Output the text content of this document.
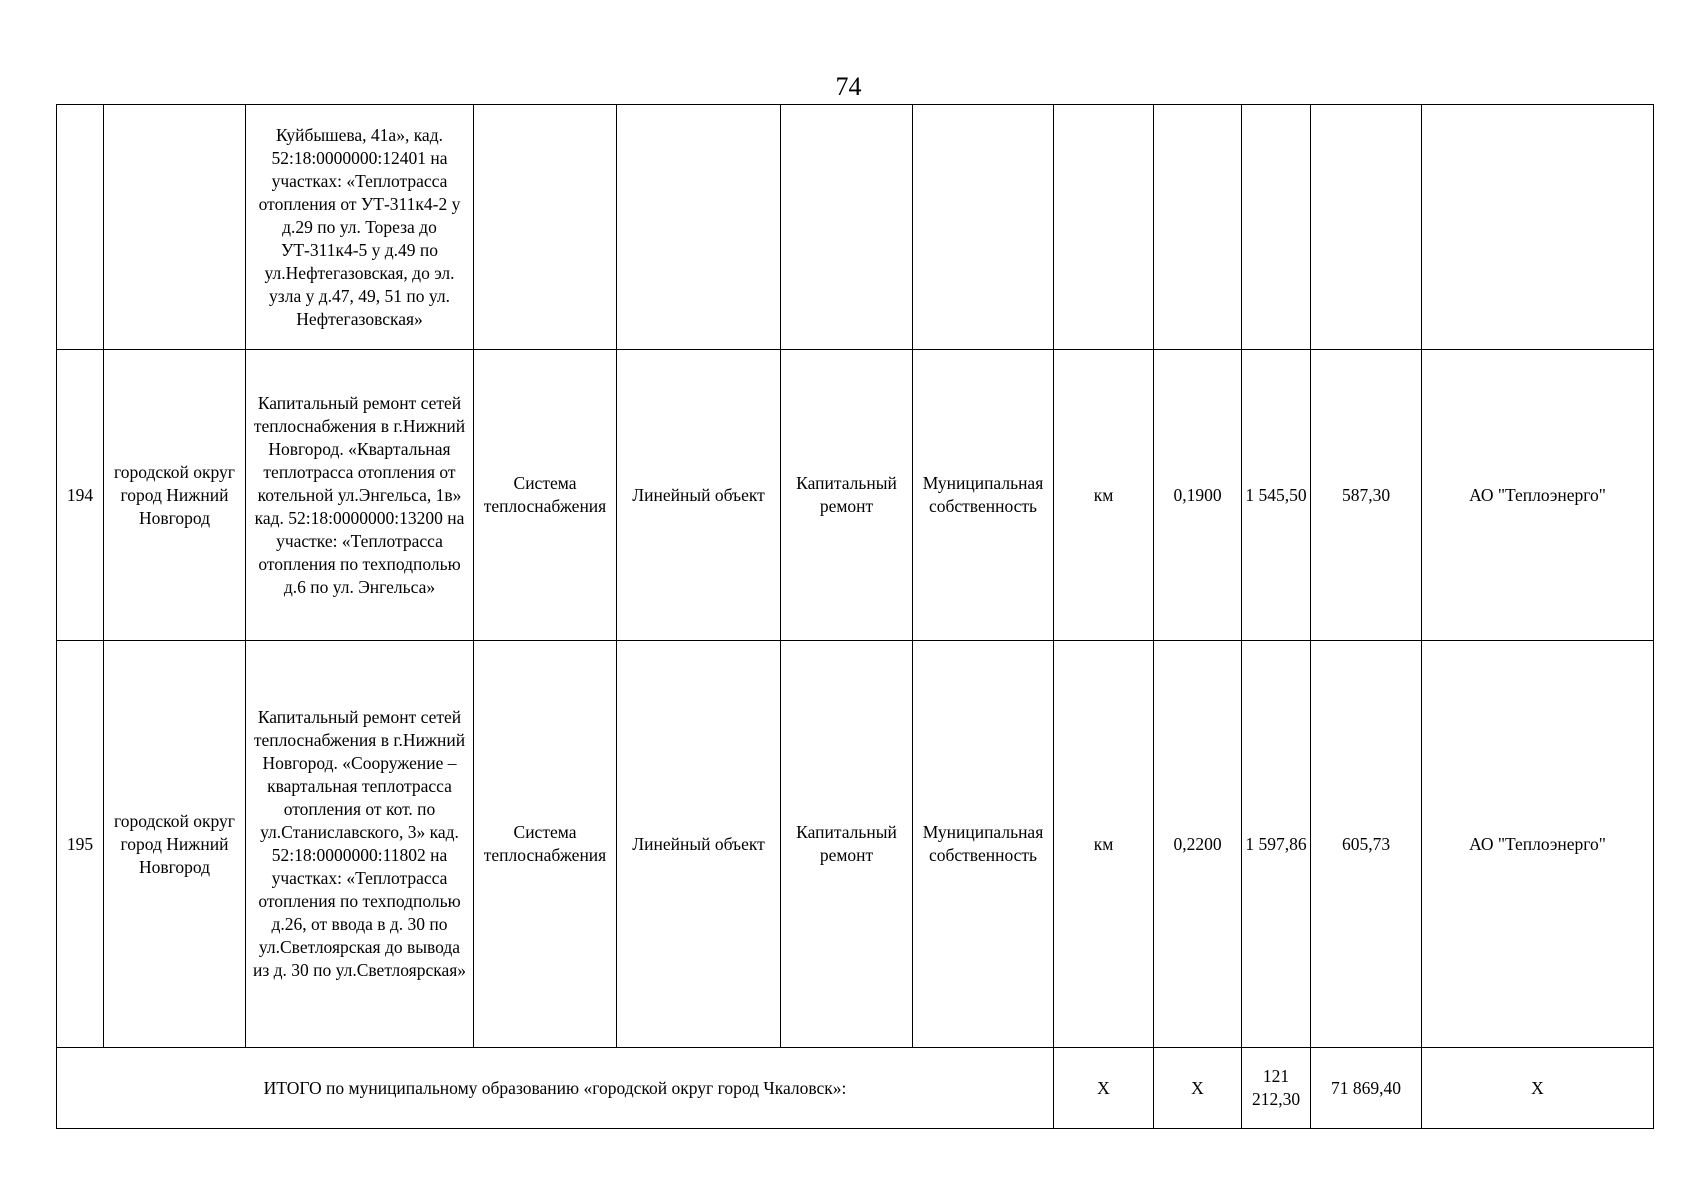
74
		Куйбышева, 41а», кад. 52:18:0000000:12401 на участках: «Теплотрасса отопления от УТ-311к4-2 у д.29 по ул. Тореза до УТ-311к4-5 у д.49 по ул.Нефтегазовская, до эл. узла у д.47, 49, 51 по ул. Нефтегазовская»									
194	городской округ город Нижний Новгород	Капитальный ремонт сетей теплоснабжения в г.Нижний Новгород. «Квартальная теплотрасса отопления от котельной ул.Энгельса, 1в» кад. 52:18:0000000:13200 на участке: «Теплотрасса отопления по техподполью д.6 по ул. Энгельса»	Система теплоснабжения	Линейный объект	Капитальный ремонт	Муниципальная собственность	км	0,1900	1 545,50	587,30	АО "Теплоэнерго"
195	городской округ город Нижний Новгород	Капитальный ремонт сетей теплоснабжения в г.Нижний Новгород. «Сооружение – квартальная теплотрасса отопления от кот. по ул.Станиславского, 3» кад. 52:18:0000000:11802 на участках: «Теплотрасса отопления по техподполью д.26, от ввода в д. 30 по ул.Светлоярская до вывода из д. 30 по ул.Светлоярская»	Система теплоснабжения	Линейный объект	Капитальный ремонт	Муниципальная собственность	км	0,2200	1 597,86	605,73	АО "Теплоэнерго"
ИТОГО по муниципальному образованию «городской округ город Чкаловск»:							X	X	121 212,30	71 869,40	X
